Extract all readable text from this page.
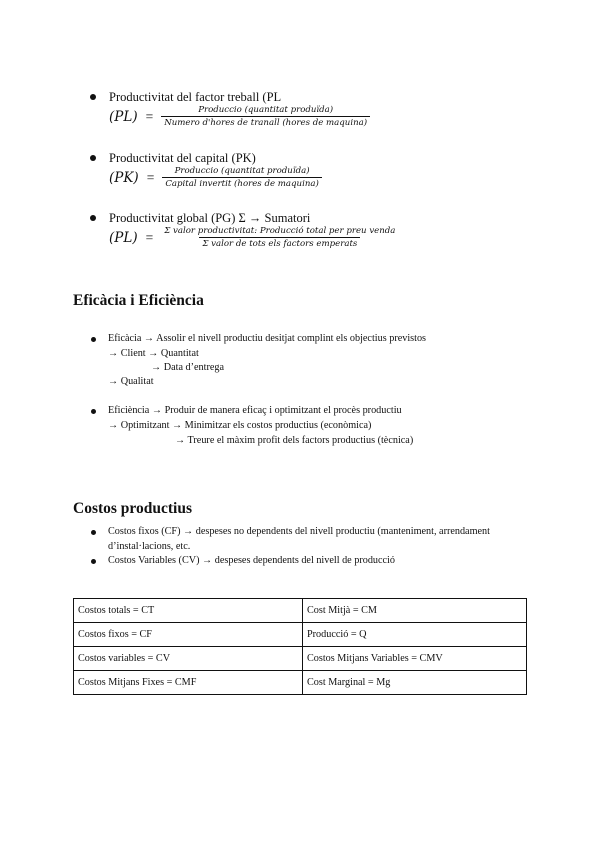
Productivitat del factor treball (PL
$(PL) = \frac{\text{Produccio (quantitat produïda)}}{\text{Numero d'hores de tranall (hores de maquina)}}$
Productivitat del capital (PK)
$(PK) = \frac{\text{Produccio (quantitat produïda)}}{\text{Capital invertit (hores de maquina)}}$
Productivitat global (PG) Σ → Sumatori
$(PL) = \frac{\text{Σ valor productivitat: Producció total per preu venda}}{\text{Σ valor de tots els factors emperats}}$
Eficàcia i Eficiència
Eficàcia → Assolir el nivell productiu desitjat complint els objectius previstos
→ Client → Quantitat
→ Data d’entrega
→ Qualitat
Eficiència → Produir de manera eficaç i optimitzant el procès productiu
→ Optimitzant → Minimitzar els costos productius (econòmica)
→ Treure el màxim profit dels factors productius (tècnica)
Costos productius
Costos fixos (CF) → despeses no dependents del nivell productiu (manteniment, arrendament
d’instal·lacions, etc.
Costos Variables (CV) → despeses dependents del nivell de producció
Costos totals = CT	Cost Mitjà = CM
Costos fixos = CF	Producció = Q
Costos variables = CV	Costos Mitjans Variables = CMV
Costos Mitjans Fixes = CMF	Cost Marginal = Mg
